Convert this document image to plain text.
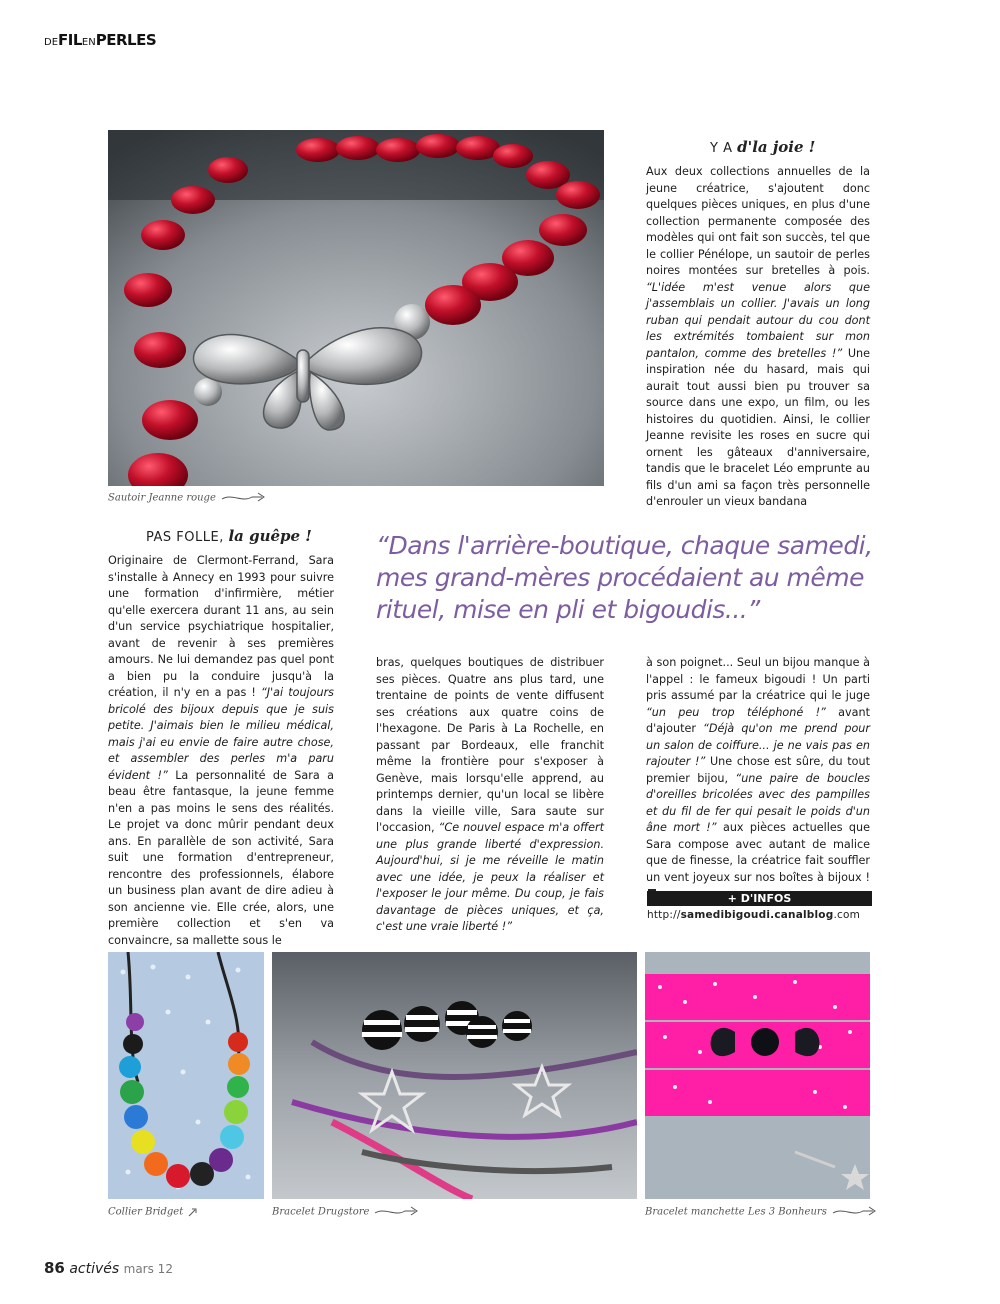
DEFILENPERLES
Sautoir Jeanne rouge
Y A d'la joie !

Aux deux collections annuelles de la jeune créatrice, s'ajoutent donc quelques pièces uniques, en plus d'une collection permanente composée des modèles qui ont fait son succès, tel que le collier Pénélope, un sautoir de perles noires montées sur bretelles à pois. “L'idée m'est venue alors que j'assemblais un collier. J'avais un long ruban qui pendait autour du cou dont les extrémités tombaient sur mon pantalon, comme des bretelles !” Une inspiration née du hasard, mais qui aurait tout aussi bien pu trouver sa source dans une expo, un film, ou les histoires du quotidien. Ainsi, le collier Jeanne revisite les roses en sucre qui ornent les gâteaux d'anniversaire, tandis que le bracelet Léo emprunte au fils d'un ami sa façon très personnelle d'enrouler un vieux bandana

PAS FOLLE, la guêpe !

Originaire de Clermont-Ferrand, Sara s'installe à Annecy en 1993 pour suivre une formation d'infirmière, métier qu'elle exercera durant 11 ans, au sein d'un service psychiatrique hospitalier, avant de revenir à ses premières amours. Ne lui demandez pas quel pont a bien pu la conduire jusqu'à la création, il n'y en a pas ! “J'ai toujours bricolé des bijoux depuis que je suis petite. J'aimais bien le milieu médical, mais j'ai eu envie de faire autre chose, et assembler des perles m'a paru évident !” La personnalité de Sara a beau être fantasque, la jeune femme n'en a pas moins le sens des réalités. Le projet va donc mûrir pendant deux ans. En parallèle de son activité, Sara suit une formation d'entrepreneur, rencontre des professionnels, élabore un business plan avant de dire adieu à son ancienne vie. Elle crée, alors, une première collection et s'en va convaincre, sa mallette sous le

“Dans l'arrière-boutique, chaque samedi, mes grand-mères procédaient au même rituel, mise en pli et bigoudis...”

bras, quelques boutiques de distribuer ses pièces. Quatre ans plus tard, une trentaine de points de vente diffusent ses créations aux quatre coins de l'hexagone. De Paris à La Rochelle, en passant par Bordeaux, elle franchit même la frontière pour s'exposer à Genève, mais lorsqu'elle apprend, au printemps dernier, qu'un local se libère dans la vieille ville, Sara saute sur l'occasion, “Ce nouvel espace m'a offert une plus grande liberté d'expression. Aujourd'hui, si je me réveille le matin avec une idée, je peux la réaliser et l'exposer le jour même. Du coup, je fais davantage de pièces uniques, et ça, c'est une vraie liberté !”

à son poignet... Seul un bijou manque à l'appel : le fameux bigoudi ! Un parti pris assumé par la créatrice qui le juge “un peu trop téléphoné !” avant d'ajouter “Déjà qu'on me prend pour un salon de coiffure... je ne vais pas en rajouter !” Une chose est sûre, du tout premier bijou, “une paire de boucles d'oreilles bricolées avec des pampilles et du fil de fer qui pesait le poids d'un âne mort !” aux pièces actuelles que Sara compose avec autant de malice que de finesse, la créatrice fait souffler un vent joyeux sur nos boîtes à bijoux !

+ D'INFOS
http://samedibigoudi.canalblog.com
Collier Bridget	Bracelet Drugstore	Bracelet manchette Les 3 Bonheurs
86 activés mars 12
